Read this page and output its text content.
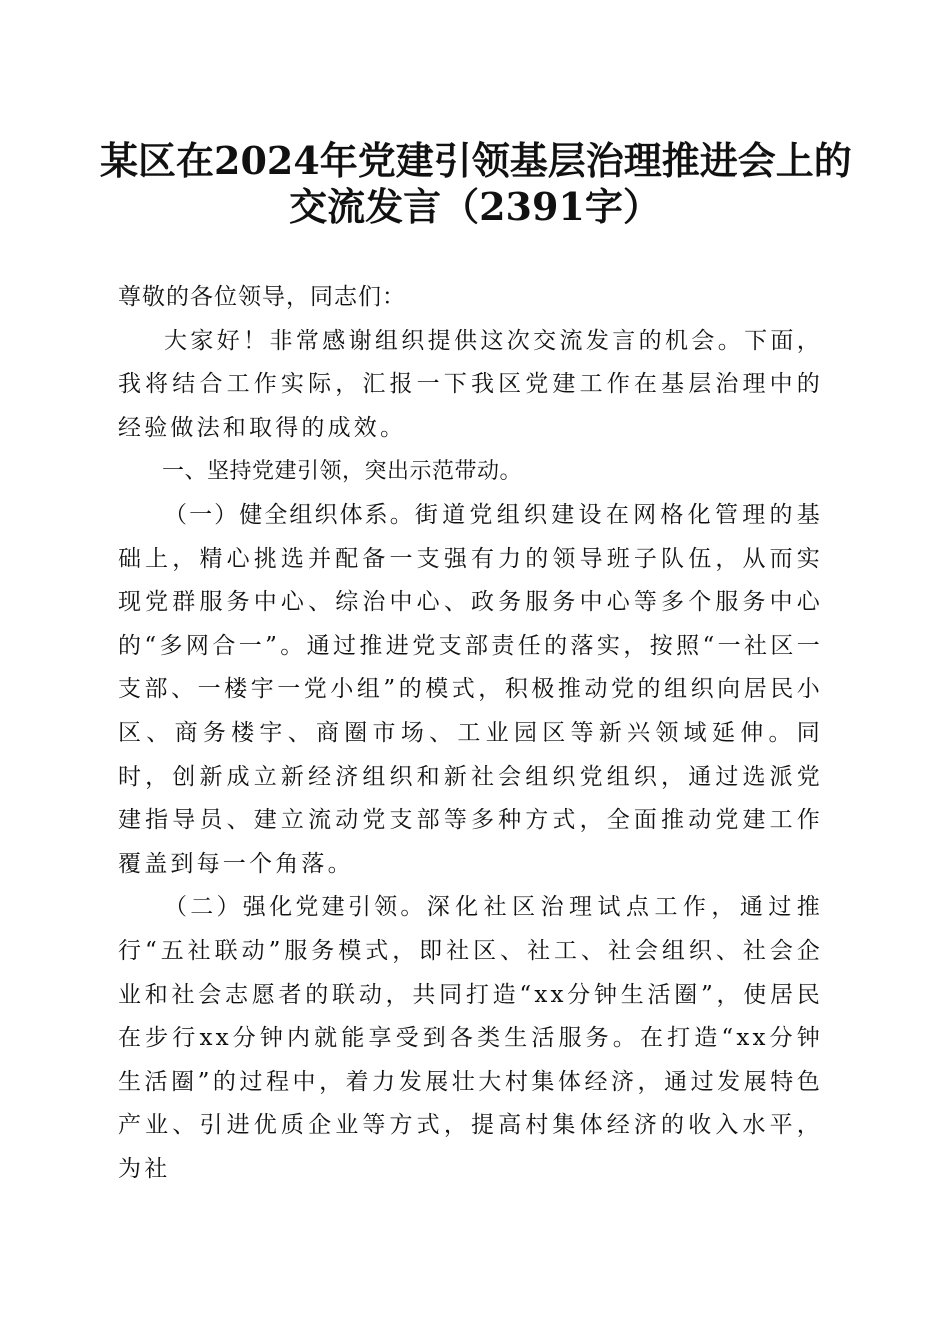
某区在2024年党建引领基层治理推进会上的
交流发言（2391字）

尊敬的各位领导，同志们：

大家好！非常感谢组织提供这次交流发言的机会。下面，我将结合工作实际，汇报一下我区党建工作在基层治理中的经验做法和取得的成效。

一、坚持党建引领，突出示范带动。

（一）健全组织体系。街道党组织建设在网格化管理的基础上，精心挑选并配备一支强有力的领导班子队伍，从而实现党群服务中心、综治中心、政务服务中心等多个服务中心的“多网合一”。通过推进党支部责任的落实，按照“一社区一支部、一楼宇一党小组”的模式，积极推动党的组织向居民小区、商务楼宇、商圈市场、工业园区等新兴领域延伸。同时，创新成立新经济组织和新社会组织党组织，通过选派党建指导员、建立流动党支部等多种方式，全面推动党建工作覆盖到每一个角落。

（二）强化党建引领。深化社区治理试点工作，通过推行“五社联动”服务模式，即社区、社工、社会组织、社会企业和社会志愿者的联动，共同打造“xx分钟生活圈”，使居民在步行xx分钟内就能享受到各类生活服务。在打造“xx分钟生活圈”的过程中，着力发展壮大村集体经济，通过发展特色产业、引进优质企业等方式，提高村集体经济的收入水平，为社
